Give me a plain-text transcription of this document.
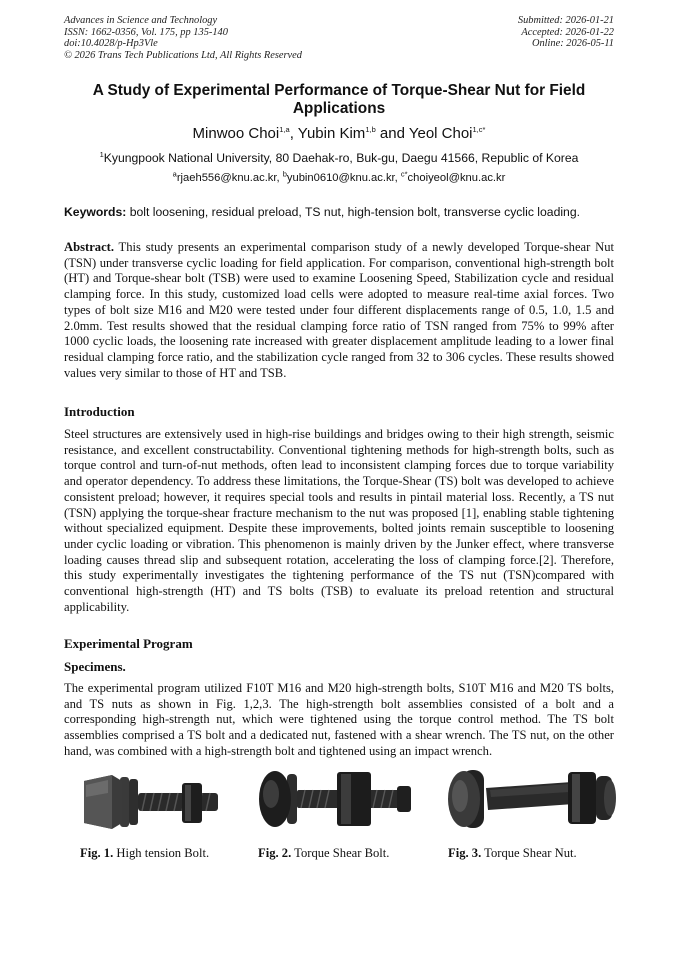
Advances in Science and Technology
ISSN: 1662-0356, Vol. 175, pp 135-140
doi:10.4028/p-Hp3Vle
© 2026 Trans Tech Publications Ltd, All Rights Reserved
Submitted: 2026-01-21
Accepted: 2026-01-22
Online: 2026-05-11
A Study of Experimental Performance of Torque-Shear Nut for Field Applications
Minwoo Choi$^{1,a}$, Yubin Kim$^{1,b}$ and Yeol Choi$^{1,c*}$
$^1$Kyungpook National University, 80 Daehak-ro, Buk-gu, Daegu 41566, Republic of Korea
$^a$rjaeh556@knu.ac.kr, $^b$yubin0610@knu.ac.kr, $^{c*}$choiyeol@knu.ac.kr
Keywords: bolt loosening, residual preload, TS nut, high-tension bolt, transverse cyclic loading.
Abstract. This study presents an experimental comparison study of a newly developed Torque-shear Nut (TSN) under transverse cyclic loading for field application. For comparison, conventional high-strength bolt (HT) and Torque-shear bolt (TSB) were used to examine Loosening Speed, Stabilization cycle and residual clamping force. In this study, customized load cells were adopted to measure real-time axial forces. Two types of bolt size M16 and M20 were tested under four different displacements range of 0.5, 1.0, 1.5 and 2.0mm. Test results showed that the residual clamping force ratio of TSN ranged from 75% to 99% after 1000 cyclic loads, the loosening rate increased with greater displacement amplitude leading to a lower final residual clamping force ratio, and the stabilization cycle ranged from 32 to 306 cycles. These results showed values very similar to those of HT and TSB.
Introduction
Steel structures are extensively used in high-rise buildings and bridges owing to their high strength, seismic resistance, and excellent constructability. Conventional tightening methods for high-strength bolts, such as torque control and turn-of-nut methods, often lead to inconsistent clamping forces due to torque variability and operator dependency. To address these limitations, the Torque-Shear (TS) bolt was developed to achieve consistent preload; however, it requires special tools and results in pintail material loss. Recently, a TS nut (TSN) applying the torque-shear fracture mechanism to the nut was proposed [1], enabling stable tightening without specialized equipment. Despite these improvements, bolted joints remain susceptible to loosening under cyclic loading or vibration. This phenomenon is mainly driven by the Junker effect, where transverse loading causes thread slip and subsequent rotation, accelerating the loss of clamping force.[2]. Therefore, this study experimentally investigates the tightening performance of the TS nut (TSN)compared with conventional high-strength (HT) and TS bolts (TSB) to evaluate its preload retention and structural applicability.
Experimental Program
Specimens.
The experimental program utilized F10T M16 and M20 high-strength bolts, S10T M16 and M20 TS bolts, and TS nuts as shown in Fig. 1,2,3. The high-strength bolt assemblies consisted of a bolt and a corresponding high-strength nut, which were tightened using the torque control method. The TS bolt assemblies comprised a TS bolt and a dedicated nut, fastened with a shear wrench. The TS nut, on the other hand, was combined with a high-strength bolt and tightened using an impact wrench.
Fig. 1. High tension Bolt.	Fig. 2. Torque Shear Bolt.	Fig. 3. Torque Shear Nut.
